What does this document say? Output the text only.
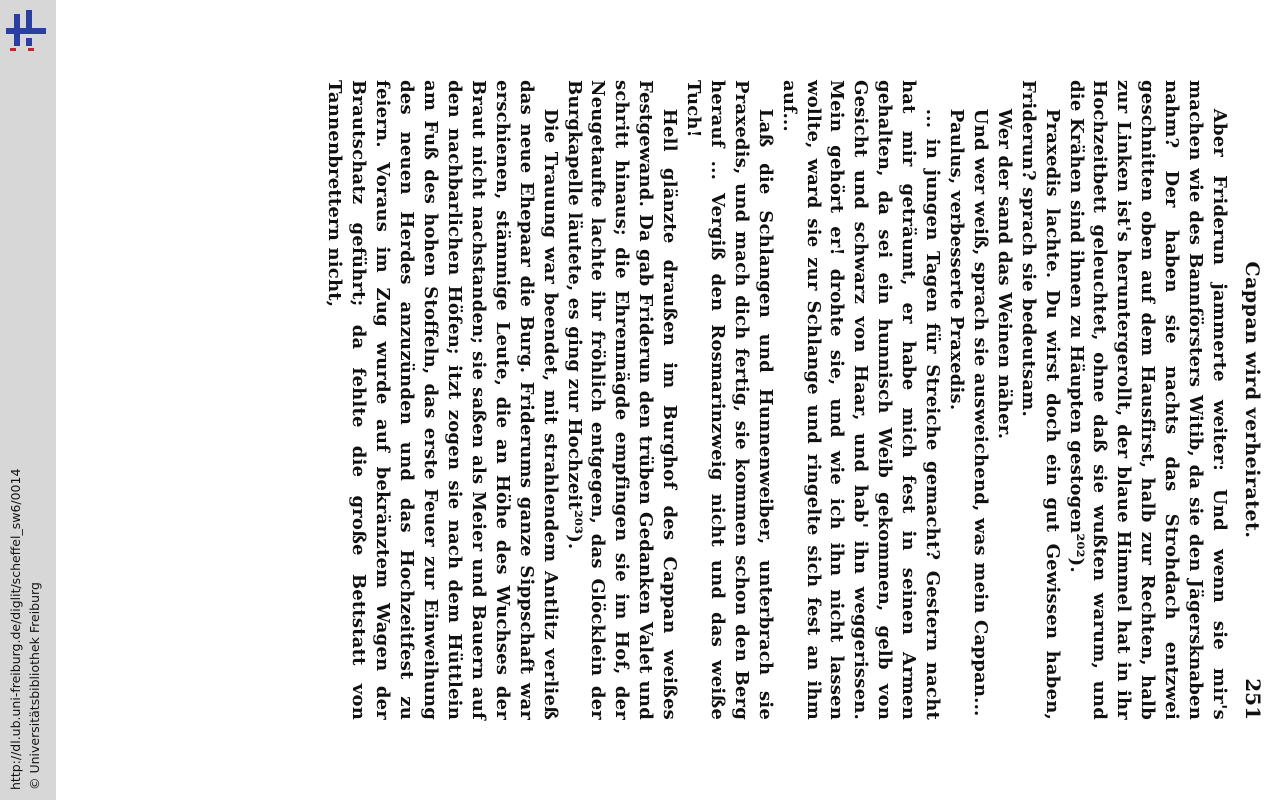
http://dl.ub.uni-freiburg.de/diglit/scheffel_sw6/0014 © Universitätsbibliothek Freiburg
Cappan wird verheiratet.
251

Aber Friderun jammerte weiter: Und wenn sie mir's machen wie des Bannförsters Witib, da sie den Jägersknaben nahm? Der haben sie nachts das Strohdach entzwei geschnitten oben auf dem Hausfirst, halb zur Rechten, halb zur Linken ist's heruntergerollt, der blaue Himmel hat in ihr Hochzeitbett geleuchtet, ohne daß sie wußten warum, und die Krähen sind ihnen zu Häupten gestogen²⁰²).

Praxedis lachte. Du wirst doch ein gut Gewissen haben, Friderun? sprach sie bedeutsam.

Wer der sand das Weinen näher.

Und wer weiß, sprach sie ausweichend, was mein Cappan...

Paulus, verbesserte Praxedis.

... in jungen Tagen für Streiche gemacht? Gestern nacht hat mir geträumt, er habe mich fest in seinen Armen gehalten, da sei ein hunnisch Weib gekommen, gelb von Gesicht und schwarz von Haar, und hab' ihn weggerissen. Mein gehört er! drohte sie, und wie ich ihn nicht lassen wollte, ward sie zur Schlange und ringelte sich fest an ihm auf...

Laß die Schlangen und Hunnenweiber, unterbrach sie Praxedis, und mach dich fertig, sie kommen schon den Berg herauf ... Vergiß den Rosmarinzweig nicht und das weiße Tuch!

Hell glänzte draußen im Burghof des Cappan weißes Festgewand. Da gab Friderun den trüben Gedanken Valet und schritt hinaus; die Ehrenmägde empfingen sie im Hof, der Neugetaufte lachte ihr fröhlich entgegen, das Glöcklein der Burgkapelle läutete, es ging zur Hochzeit²⁰³).

Die Trauung war beendet, mit strahlendem Antlitz verließ das neue Ehepaar die Burg. Friderums ganze Sippschaft war erschienen, stämmige Leute, die an Höhe des Wuchses der Braut nicht nachstanden; sie saßen als Meier und Bauern auf den nachbarlichen Höfen; itzt zogen sie nach dem Hüttlein am Fuß des hohen Stoffeln, das erste Feuer zur Einweihung des neuen Herdes anzuzünden und das Hochzeitfest zu feiern. Voraus im Zug wurde auf bekränztem Wagen der Brautschatz geführt; da fehlte die große Bettstatt von Tannenbrettern nicht,
